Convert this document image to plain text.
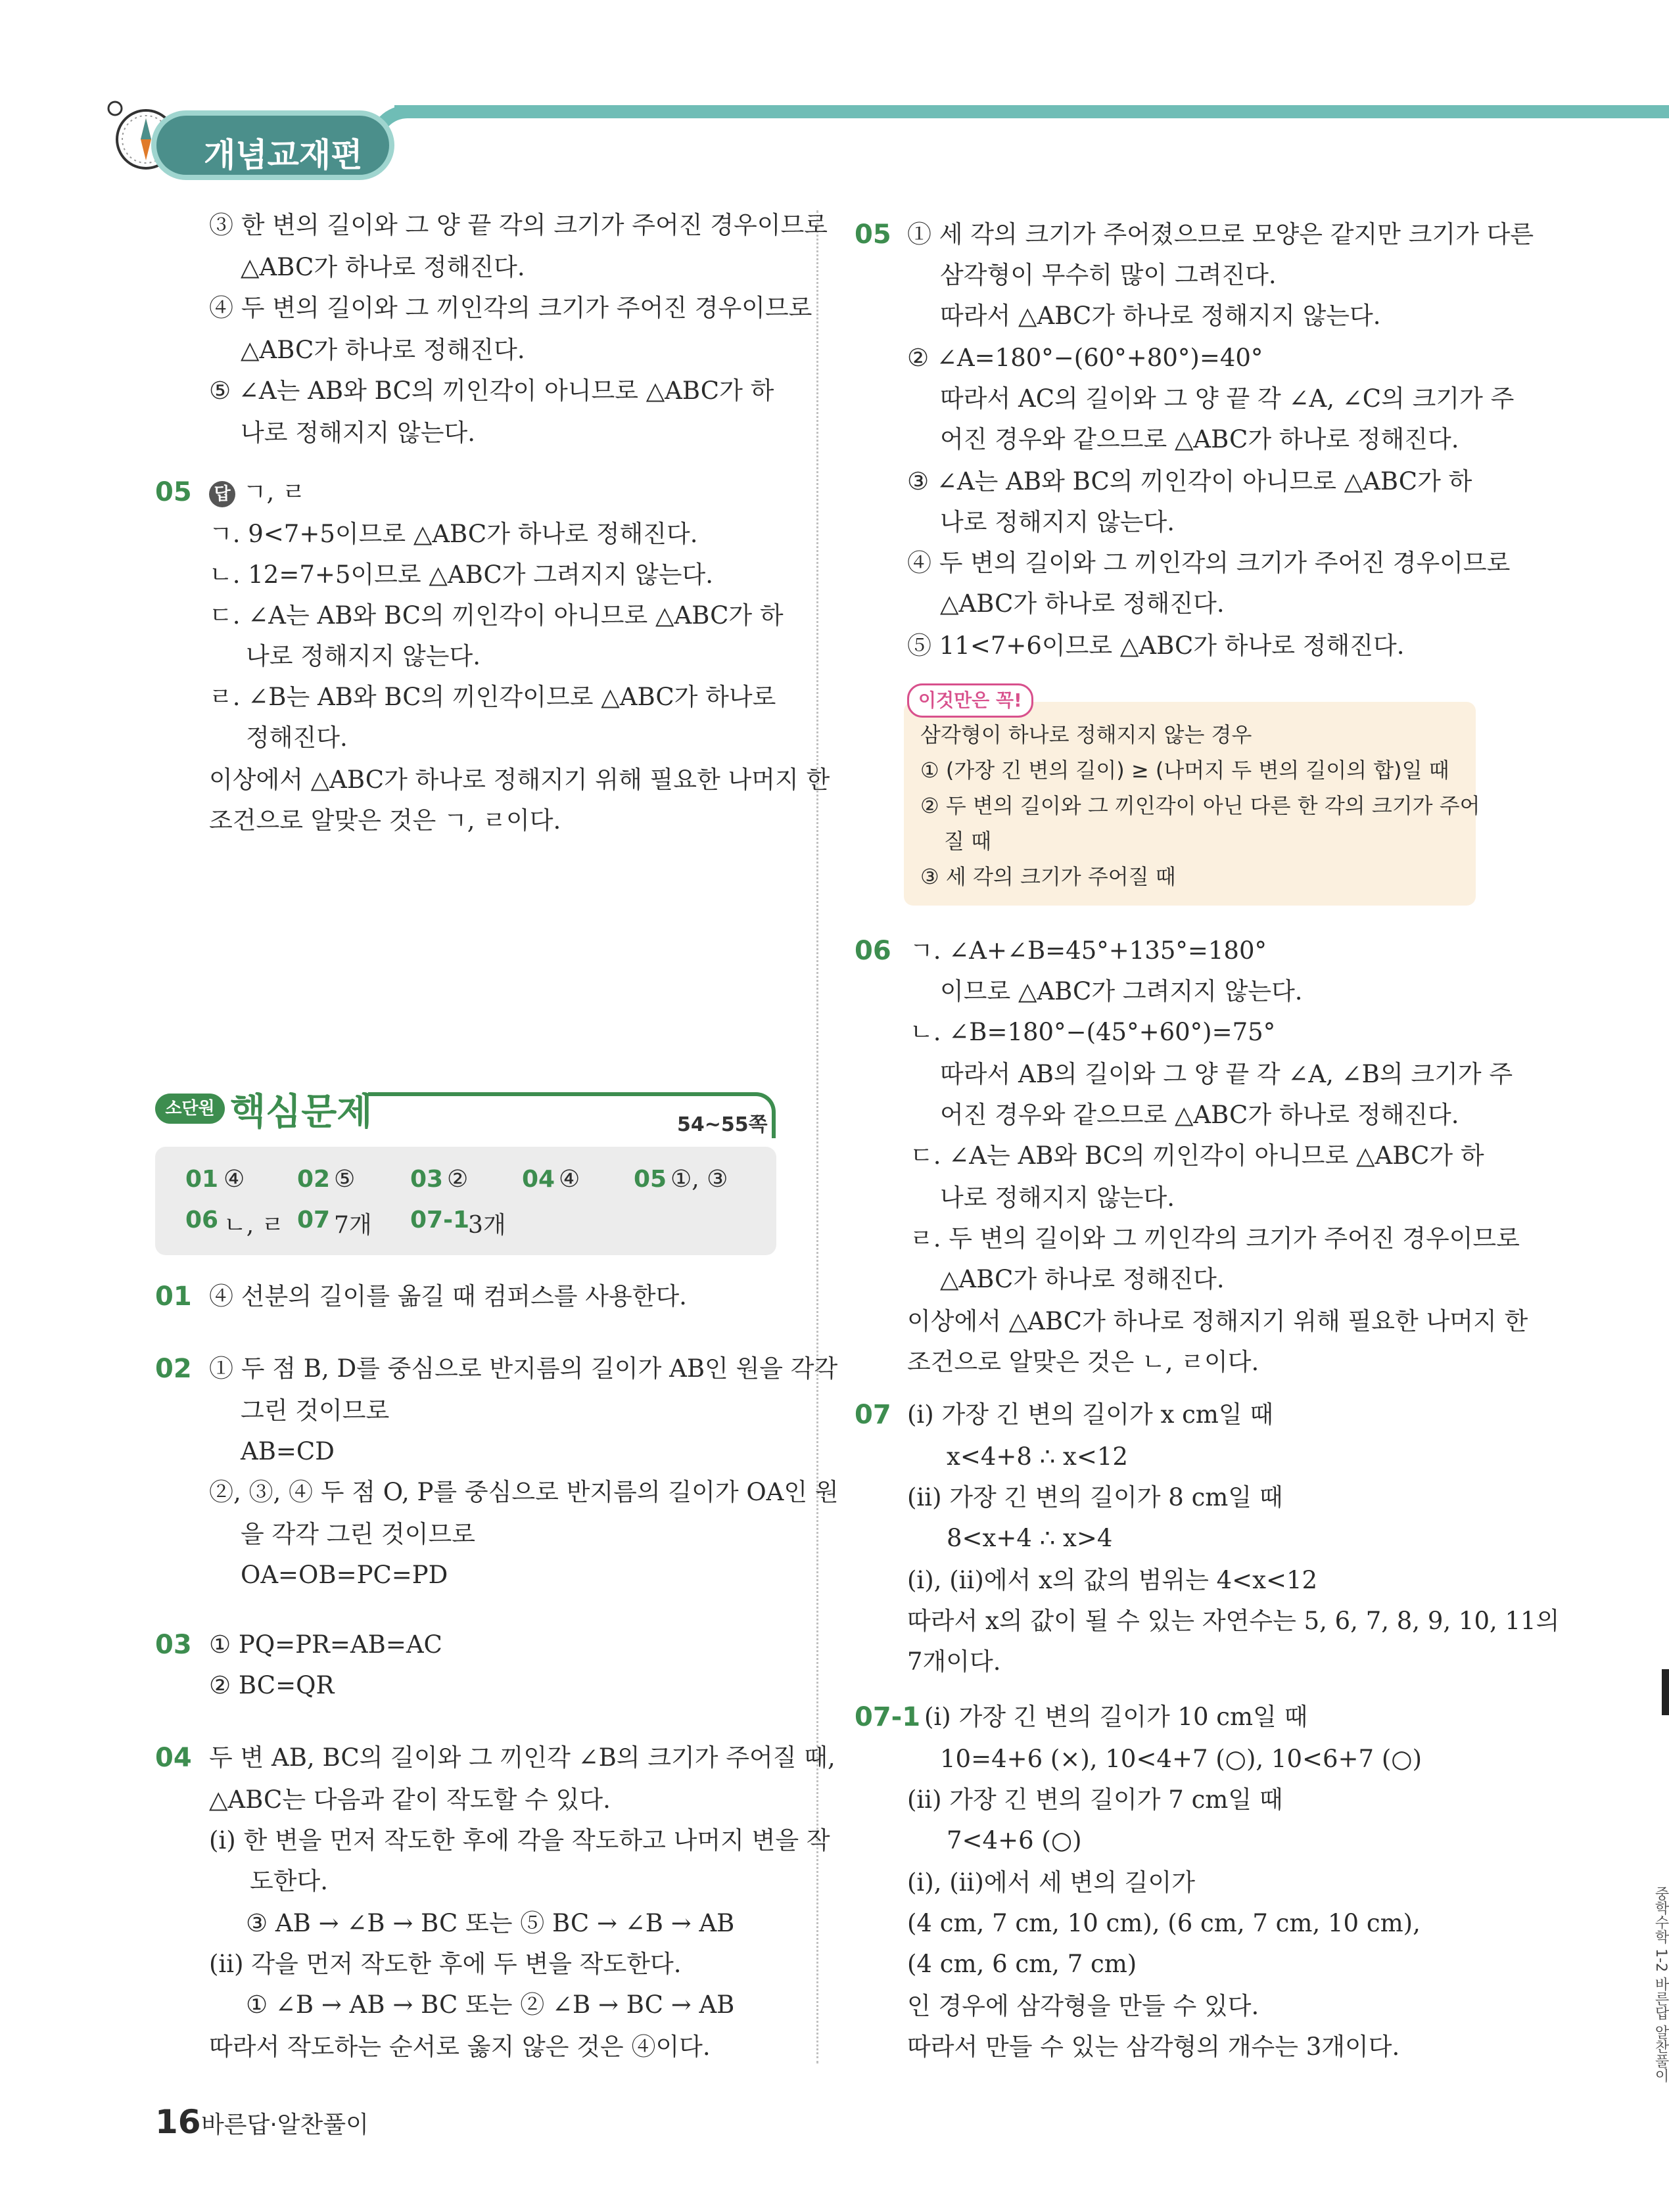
개념교재편
③ 한 변의 길이와 그 양 끝 각의 크기가 주어진 경우이므로
△ABC가 하나로 정해진다.
④ 두 변의 길이와 그 끼인각의 크기가 주어진 경우이므로
△ABC가 하나로 정해진다.
⑤ ∠A는 AB와 BC의 끼인각이 아니므로 △ABC가 하
나로 정해지지 않는다.
05 답 ㄱ, ㄹ
ㄱ. 9<7+5이므로 △ABC가 하나로 정해진다.
ㄴ. 12=7+5이므로 △ABC가 그려지지 않는다.
ㄷ. ∠A는 AB와 BC의 끼인각이 아니므로 △ABC가 하
나로 정해지지 않는다.
ㄹ. ∠B는 AB와 BC의 끼인각이므로 △ABC가 하나로
정해진다.
이상에서 △ABC가 하나로 정해지기 위해 필요한 나머지 한
조건으로 알맞은 것은 ㄱ, ㄹ이다.
소단원 핵심문제	54~55쪽
01 ④ 02 ⑤ 03 ② 04 ④ 05 ①, ③
06 ㄴ, ㄹ 07 7개 07-1
3개
01 ④ 선분의 길이를 옮길 때 컴퍼스를 사용한다.
02 ① 두 점 B, D를 중심으로 반지름의 길이가 AB인 원을 각각
그린 것이므로
AB=CD
②, ③, ④ 두 점 O, P를 중심으로 반지름의 길이가 OA인 원
을 각각 그린 것이므로
OA=OB=PC=PD
03 ① PQ=PR=AB=AC
② BC=QR
04 두 변 AB, BC의 길이와 그 끼인각 ∠B의 크기가 주어질 때,
△ABC는 다음과 같이 작도할 수 있다.
(ⅰ) 한 변을 먼저 작도한 후에 각을 작도하고 나머지 변을 작
도한다.
③ AB → ∠B → BC 또는 ⑤ BC → ∠B → AB
(ⅱ) 각을 먼저 작도한 후에 두 변을 작도한다.
① ∠B → AB → BC 또는 ② ∠B → BC → AB
따라서 작도하는 순서로 옳지 않은 것은 ④이다.
05 ① 세 각의 크기가 주어졌으므로 모양은 같지만 크기가 다른
삼각형이 무수히 많이 그려진다.
따라서 △ABC가 하나로 정해지지 않는다.
② ∠A=180°−(60°+80°)=40°
따라서 AC의 길이와 그 양 끝 각 ∠A, ∠C의 크기가 주
어진 경우와 같으므로 △ABC가 하나로 정해진다.
③ ∠A는 AB와 BC의 끼인각이 아니므로 △ABC가 하
나로 정해지지 않는다.
④ 두 변의 길이와 그 끼인각의 크기가 주어진 경우이므로
△ABC가 하나로 정해진다.
⑤ 11<7+6이므로 △ABC가 하나로 정해진다.
이것만은 꼭!
삼각형이 하나로 정해지지 않는 경우
① (가장 긴 변의 길이) ≥ (나머지 두 변의 길이의 합)일 때
② 두 변의 길이와 그 끼인각이 아닌 다른 한 각의 크기가 주어
질 때
③ 세 각의 크기가 주어질 때
06 ㄱ. ∠A+∠B=45°+135°=180°
이므로 △ABC가 그려지지 않는다.
ㄴ. ∠B=180°−(45°+60°)=75°
따라서 AB의 길이와 그 양 끝 각 ∠A, ∠B의 크기가 주
어진 경우와 같으므로 △ABC가 하나로 정해진다.
ㄷ. ∠A는 AB와 BC의 끼인각이 아니므로 △ABC가 하
나로 정해지지 않는다.
ㄹ. 두 변의 길이와 그 끼인각의 크기가 주어진 경우이므로
△ABC가 하나로 정해진다.
이상에서 △ABC가 하나로 정해지기 위해 필요한 나머지 한
조건으로 알맞은 것은 ㄴ, ㄹ이다.
07 (ⅰ) 가장 긴 변의 길이가 x cm일 때
x<4+8 ∴ x<12
(ⅱ) 가장 긴 변의 길이가 8 cm일 때
8<x+4 ∴ x>4
(ⅰ), (ⅱ)에서 x의 값의 범위는 4<x<12
따라서 x의 값이 될 수 있는 자연수는 5, 6, 7, 8, 9, 10, 11의
7개이다.
07-1 (ⅰ) 가장 긴 변의 길이가 10 cm일 때
10=4+6 (×), 10<4+7 (○), 10<6+7 (○)
(ⅱ) 가장 긴 변의 길이가 7 cm일 때
7<4+6 (○)
(ⅰ), (ⅱ)에서 세 변의 길이가
(4 cm, 7 cm, 10 cm), (6 cm, 7 cm, 10 cm),
(4 cm, 6 cm, 7 cm)
인 경우에 삼각형을 만들 수 있다.
따라서 만들 수 있는 삼각형의 개수는 3개이다.
16 바른답·알찬풀이
중학수학 1-2 바른답 알찬풀이
